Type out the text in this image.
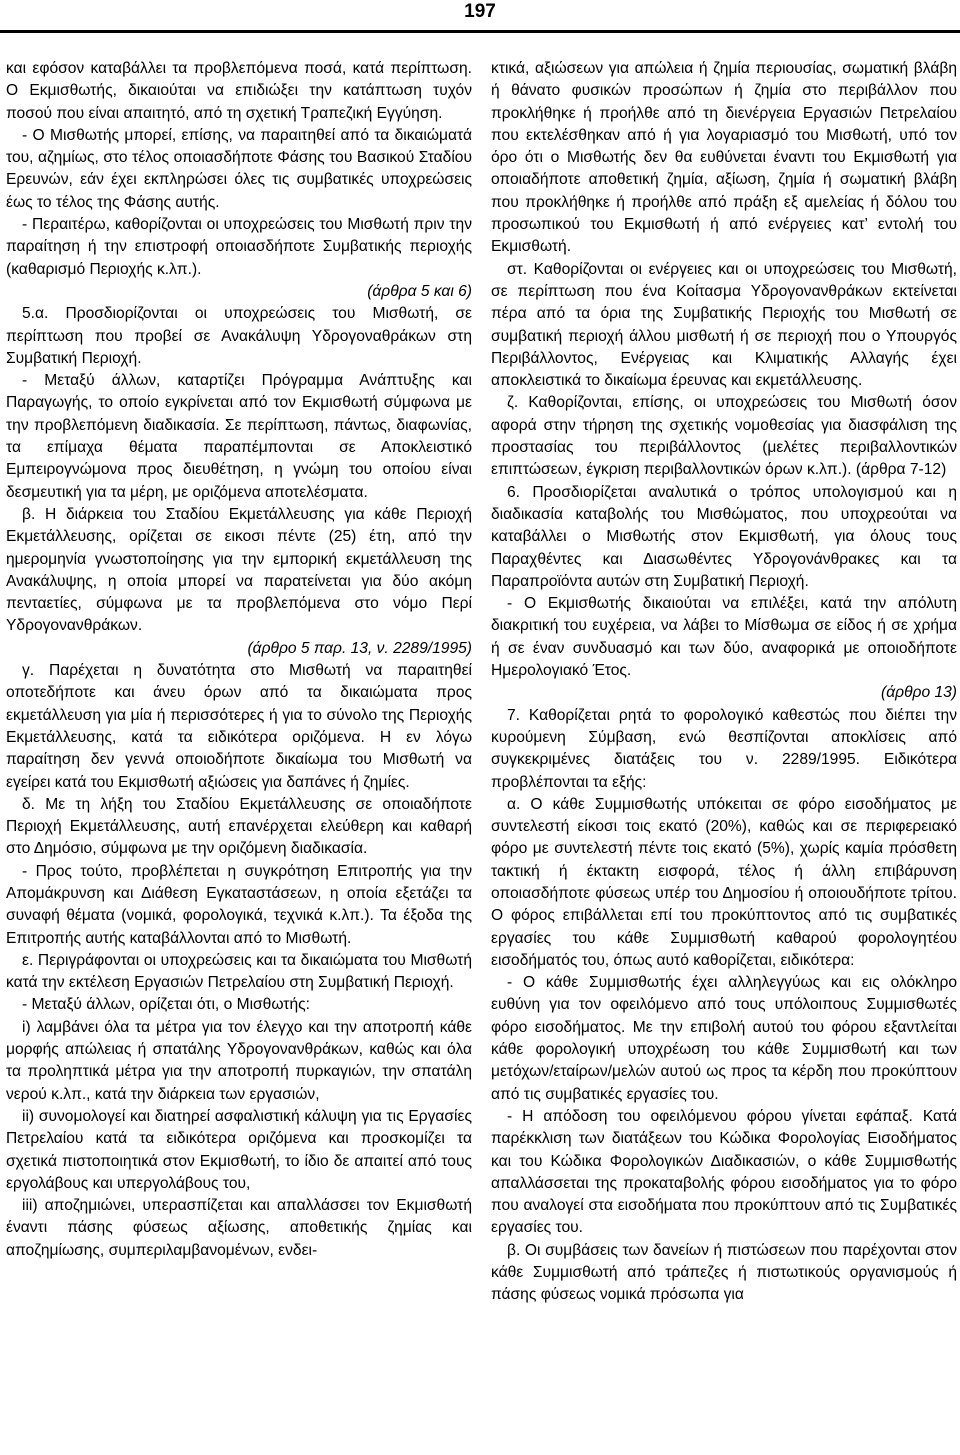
197

και εφόσον καταβάλλει τα προβλεπόμενα ποσά, κατά περίπτωση. Ο Εκμισθωτής, δικαιούται να επιδιώξει την κατάπτωση τυχόν ποσού που είναι απαιτητό, από τη σχετική Τραπεζική Εγγύηση.

- Ο Μισθωτής μπορεί, επίσης, να παραιτηθεί από τα δικαιώματά του, αζημίως, στο τέλος οποιασδήποτε Φάσης του Βασικού Σταδίου Ερευνών, εάν έχει εκπληρώσει όλες τις συμβατικές υποχρεώσεις έως το τέλος της Φάσης αυτής.

- Περαιτέρω, καθορίζονται οι υποχρεώσεις του Μισθωτή πριν την παραίτηση ή την επιστροφή οποιασδήποτε Συμβατικής περιοχής (καθαρισμό Περιοχής κ.λπ.).

(άρθρα 5 και 6)

5.α. Προσδιορίζονται οι υποχρεώσεις του Μισθωτή, σε περίπτωση που προβεί σε Ανακάλυψη Υδρογοναθράκων στη Συμβατική Περιοχή.

- Μεταξύ άλλων, καταρτίζει Πρόγραμμα Ανάπτυξης και Παραγωγής, το οποίο εγκρίνεται από τον Εκμισθωτή σύμφωνα με την προβλεπόμενη διαδικασία. Σε περίπτωση, πάντως, διαφωνίας, τα επίμαχα θέματα παραπέμπονται σε Αποκλειστικό Εμπειρογνώμονα προς διευθέτηση, η γνώμη του οποίου είναι δεσμευτική για τα μέρη, με οριζόμενα αποτελέσματα.

β. Η διάρκεια του Σταδίου Εκμετάλλευσης για κάθε Περιοχή Εκμετάλλευσης, ορίζεται σε εικοσι πέντε (25) έτη, από την ημερομηνία γνωστοποίησης για την εμπορική εκμετάλλευση της Ανακάλυψης, η οποία μπορεί να παρατείνεται για δύο ακόμη πενταετίες, σύμφωνα με τα προβλεπόμενα στο νόμο Περί Υδρογονανθράκων.

(άρθρο 5 παρ. 13, ν. 2289/1995)

γ. Παρέχεται η δυνατότητα στο Μισθωτή να παραιτηθεί οποτεδήποτε και άνευ όρων από τα δικαιώματα προς εκμετάλλευση για μία ή περισσότερες ή για το σύνολο της Περιοχής Εκμετάλλευσης, κατά τα ειδικότερα οριζόμενα. Η εν λόγω παραίτηση δεν γεννά οποιοδήποτε δικαίωμα του Μισθωτή να εγείρει κατά του Εκμισθωτή αξιώσεις για δαπάνες ή ζημίες.

δ. Με τη λήξη του Σταδίου Εκμετάλλευσης σε οποιαδήποτε Περιοχή Εκμετάλλευσης, αυτή επανέρχεται ελεύθερη και καθαρή στο Δημόσιο, σύμφωνα με την οριζόμενη διαδικασία.

- Προς τούτο, προβλέπεται η συγκρότηση Επιτροπής για την Απομάκρυνση και Διάθεση Εγκαταστάσεων, η οποία εξετάζει τα συναφή θέματα (νομικά, φορολογικά, τεχνικά κ.λπ.). Τα έξοδα της Επιτροπής αυτής καταβάλλονται από το Μισθωτή.

ε. Περιγράφονται οι υποχρεώσεις και τα δικαιώματα του Μισθωτή κατά την εκτέλεση Εργασιών Πετρελαίου στη Συμβατική Περιοχή.

- Μεταξύ άλλων, ορίζεται ότι, ο Μισθωτής:

i) λαμβάνει όλα τα μέτρα για τον έλεγχο και την αποτροπή κάθε μορφής απώλειας ή σπατάλης Υδρογονανθράκων, καθώς και όλα τα προληπτικά μέτρα για την αποτροπή πυρκαγιών, την σπατάλη νερού κ.λπ., κατά την διάρκεια των εργασιών,

ii) συνομολογεί και διατηρεί ασφαλιστική κάλυψη για τις Εργασίες Πετρελαίου κατά τα ειδικότερα οριζόμενα και προσκομίζει τα σχετικά πιστοποιητικά στον Εκμισθωτή, το ίδιο δε απαιτεί από τους εργολάβους και υπεργολάβους του,

iii) αποζημιώνει, υπερασπίζεται και απαλλάσσει τον Εκμισθωτή έναντι πάσης φύσεως αξίωσης, αποθετικής ζημίας και αποζημίωσης, συμπεριλαμβανομένων, ενδει-

κτικά, αξιώσεων για απώλεια ή ζημία περιουσίας, σωματική βλάβη ή θάνατο φυσικών προσώπων ή ζημία στο περιβάλλον που προκλήθηκε ή προήλθε από τη διενέργεια Εργασιών Πετρελαίου που εκτελέσθηκαν από ή για λογαριασμό του Μισθωτή, υπό τον όρο ότι ο Μισθωτής δεν θα ευθύνεται έναντι του Εκμισθωτή για οποιαδήποτε αποθετική ζημία, αξίωση, ζημία ή σωματική βλάβη που προκλήθηκε ή προήλθε από πράξη εξ αμελείας ή δόλου του προσωπικού του Εκμισθωτή ή από ενέργειες κατ’ εντολή του Εκμισθωτή.

στ. Καθορίζονται οι ενέργειες και οι υποχρεώσεις του Μισθωτή, σε περίπτωση που ένα Κοίτασμα Υδρογονανθράκων εκτείνεται πέρα από τα όρια της Συμβατικής Περιοχής του Μισθωτή σε συμβατική περιοχή άλλου μισθωτή ή σε περιοχή που ο Υπουργός Περιβάλλοντος, Ενέργειας και Κλιματικής Αλλαγής έχει αποκλειστικά το δικαίωμα έρευνας και εκμετάλλευσης.

ζ. Καθορίζονται, επίσης, οι υποχρεώσεις του Μισθωτή όσον αφορά στην τήρηση της σχετικής νομοθεσίας για διασφάλιση της προστασίας του περιβάλλοντος (μελέτες περιβαλλοντικών επιπτώσεων, έγκριση περιβαλλοντικών όρων κ.λπ.). (άρθρα 7-12)

6. Προσδιορίζεται αναλυτικά ο τρόπος υπολογισμού και η διαδικασία καταβολής του Μισθώματος, που υποχρεούται να καταβάλλει ο Μισθωτής στον Εκμισθωτή, για όλους τους Παραχθέντες και Διασωθέντες Υδρογονάνθρακες και τα Παραπροϊόντα αυτών στη Συμβατική Περιοχή.

- Ο Εκμισθωτής δικαιούται να επιλέξει, κατά την απόλυτη διακριτική του ευχέρεια, να λάβει το Μίσθωμα σε είδος ή σε χρήμα ή σε έναν συνδυασμό και των δύο, αναφορικά με οποιοδήποτε Ημερολογιακό Έτος.

(άρθρο 13)

7. Καθορίζεται ρητά το φορολογικό καθεστώς που διέπει την κυρούμενη Σύμβαση, ενώ θεσπίζονται αποκλίσεις από συγκεκριμένες διατάξεις του ν. 2289/1995. Ειδικότερα προβλέπονται τα εξής:

α. Ο κάθε Συμμισθωτής υπόκειται σε φόρο εισοδήματος με συντελεστή είκοσι τοις εκατό (20%), καθώς και σε περιφερειακό φόρο με συντελεστή πέντε τοις εκατό (5%), χωρίς καμία πρόσθετη τακτική ή έκτακτη εισφορά, τέλος ή άλλη επιβάρυνση οποιασδήποτε φύσεως υπέρ του Δημοσίου ή οποιουδήποτε τρίτου. Ο φόρος επιβάλλεται επί του προκύπτοντος από τις συμβατικές εργασίες του κάθε Συμμισθωτή καθαρού φορολογητέου εισοδήματός του, όπως αυτό καθορίζεται, ειδικότερα:

- Ο κάθε Συμμισθωτής έχει αλληλεγγύως και εις ολόκληρο ευθύνη για τον οφειλόμενο από τους υπόλοιπους Συμμισθωτές φόρο εισοδήματος. Με την επιβολή αυτού του φόρου εξαντλείται κάθε φορολογική υποχρέωση του κάθε Συμμισθωτή και των μετόχων/εταίρων/μελών αυτού ως προς τα κέρδη που προκύπτουν από τις συμβατικές εργασίες του.

- Η απόδοση του οφειλόμενου φόρου γίνεται εφάπαξ. Κατά παρέκκλιση των διατάξεων του Κώδικα Φορολογίας Εισοδήματος και του Κώδικα Φορολογικών Διαδικασιών, ο κάθε Συμμισθωτής απαλλάσσεται της προκαταβολής φόρου εισοδήματος για το φόρο που αναλογεί στα εισοδήματα που προκύπτουν από τις Συμβατικές εργασίες του.

β. Οι συμβάσεις των δανείων ή πιστώσεων που παρέχονται στον κάθε Συμμισθωτή από τράπεζες ή πιστωτικούς οργανισμούς ή πάσης φύσεως νομικά πρόσωπα για
